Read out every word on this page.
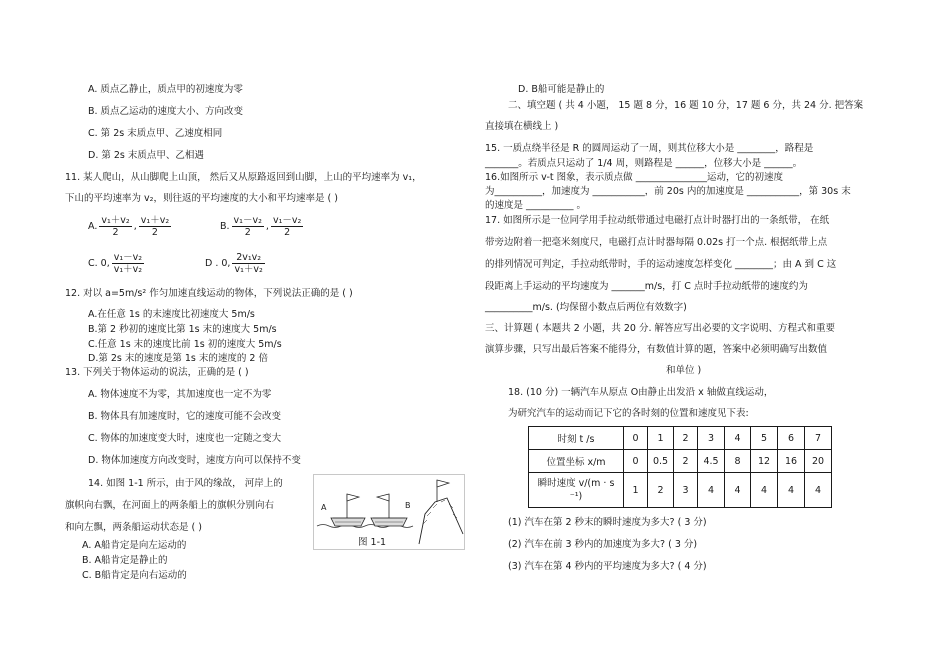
A. 质点乙静止，质点甲的初速度为零
B. 质点乙运动的速度大小、方向改变
C. 第 2s 末质点甲、乙速度相同
D. 第 2s 末质点甲、乙相遇
11. 某人爬山，从山脚爬上山顶， 然后又从原路返回到山脚，上山的平均速率为 v₁，
下山的平均速率为 v₂，则往返的平均速度的大小和平均速率是 ( )
A. $\frac{\text{v₁＋v₂}}{2}$ , $\frac{\text{v₁＋v₂}}{2}$	B. $\frac{\text{v₁－v₂}}{2}$ , $\frac{\text{v₁－v₂}}{2}$
C. 0, $\frac{\text{v₁－v₂}}{\text{v₁＋v₂}}$	D . 0, $\frac{\text{2v₁v₂}}{\text{v₁＋v₂}}$
12. 对以 a=5m/s² 作匀加速直线运动的物体，下列说法正确的是 ( )
A.在任意 1s 的末速度比初速度大 5m/s
B.第 2 秒初的速度比第 1s 末的速度大 5m/s
C.任意 1s 末的速度比前 1s 初的速度大 5m/s
D.第 2s 末的速度是第 1s 末的速度的 2 倍
13. 下列关于物体运动的说法，正确的是 ( )
A. 物体速度不为零，其加速度也一定不为零
B. 物体具有加速度时，它的速度可能不会改变
C. 物体的加速度变大时，速度也一定随之变大
D. 物体加速度方向改变时，速度方向可以保持不变
14. 如图 1-1 所示，由于风的缘故， 河岸上的
旗帜向右飘，在河面上的两条船上的旗帜分别向右
和向左飘，两条船运动状态是 ( )
A. A船肯定是向左运动的
B. A船肯定是静止的
C. B船肯定是向右运动的
A	B
图 1-1
D. B船可能是静止的
二、填空题 ( 共 4 小题， 15 题 8 分，16 题 10 分，17 题 6 分，共 24 分. 把答案
直接填在横线上 )
15. 一质点绕半径是 R 的圆周运动了一周，则其位移大小是 ________，路程是
_______。若质点只运动了 1/4 周，则路程是 ______，位移大小是 ______。
16.如图所示 v-t 图象，表示质点做 _______________运动，它的初速度
为__________，加速度为 ___________，前 20s 内的加速度是 ___________，第 30s 末
的速度是 __________ 。
17. 如图所示是一位同学用手拉动纸带通过电磁打点计时器打出的一条纸带， 在纸
带旁边附着一把毫米刻度尺，电磁打点计时器每隔 0.02s 打一个点. 根据纸带上点
的排列情况可判定，手拉动纸带时，手的运动速度怎样变化 ________；由 A 到 C 这
段距离上手运动的平均速度为 _______m/s，打 C 点时手拉动纸带的速度约为
__________m/s. (均保留小数点后两位有效数字)
三、计算题 ( 本题共 2 小题，共 20 分. 解答应写出必要的文字说明、方程式和重要
演算步骤，只写出最后答案不能得分，有数值计算的题，答案中必须明确写出数值
和单位 )
18. (10 分) 一辆汽车从原点 O由静止出发沿 x 轴做直线运动，
为研究汽车的运动而记下它的各时刻的位置和速度见下表:
时刻 t /s	0	1	2	3	4	5	6	7
位置坐标 x/m	0	0.5	2	4.5	8	12	16	20

瞬时速度 v/(m · s
⁻¹)	1	2	3	4	4	4	4	4
(1) 汽车在第 2 秒末的瞬时速度为多大? ( 3 分)
(2) 汽车在前 3 秒内的加速度为多大? ( 3 分)
(3) 汽车在第 4 秒内的平均速度为多大? ( 4 分)
